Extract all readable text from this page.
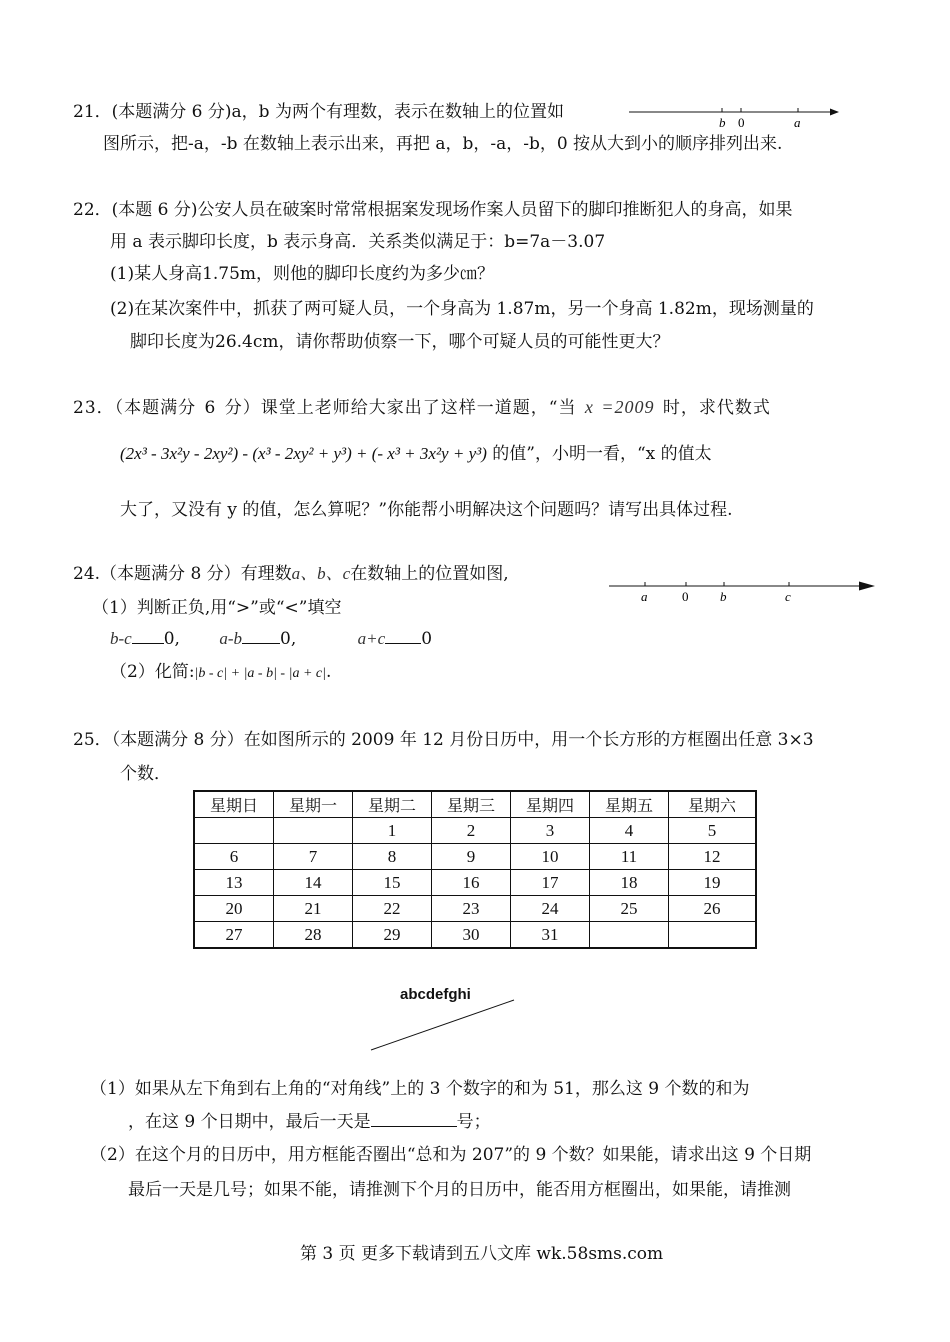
21．(本题满分 6 分)a，b 为两个有理数，表示在数轴上的位置如
b 0	a
图所示，把-a，-b 在数轴上表示出来，再把 a，b，-a，-b，0 按从大到小的顺序排列出来.
22．(本题 6 分)公安人员在破案时常常根据案发现场作案人员留下的脚印推断犯人的身高，如果
用 a 表示脚印长度，b 表示身高．关系类似满足于：b=7a－3.07
(1)某人身高1.75m，则他的脚印长度约为多少㎝？
(2)在某次案件中，抓获了两可疑人员，一个身高为 1.87m，另一个身高 1.82m，现场测量的
脚印长度为26.4cm，请你帮助侦察一下，哪个可疑人员的可能性更大？
23．（本题满分 6 分）课堂上老师给大家出了这样一道题，“当 x =2009 时，求代数式
(2x³ - 3x²y - 2xy²) - (x³ - 2xy² + y³) + (- x³ + 3x²y + y³) 的值”，小明一看，“x 的值太
大了，又没有 y 的值，怎么算呢？”你能帮小明解决这个问题吗？请写出具体过程.
24.（本题满分 8 分）有理数a、b、c在数轴上的位置如图,
a	0 b	c
（1）判断正负,用“>”或“<”填空
b-c 0, a-b 0,	a+c 0
（2）化简:|b - c| + |a - b| - |a + c|.
25．（本题满分 8 分）在如图所示的 2009 年 12 月份日历中，用一个长方形的方框圈出任意 3×3
个数．
星期日	星期一	星期二	星期三	星期四	星期五	星期六
		1	2	3	4	5
6	7	8	9	10	11	12
13	14	15	16	17	18	19
20	21	22	23	24	25	26
27	28	29	30	31		
abcdefghi
（1）如果从左下角到右上角的“对角线”上的 3 个数字的和为 51，那么这 9 个数的和为
，在这 9 个日期中，最后一天是	号；
（2）在这个月的日历中，用方框能否圈出“总和为 207”的 9 个数？如果能，请求出这 9 个日期
最后一天是几号；如果不能，请推测下个月的日历中，能否用方框圈出，如果能，请推测
第 3 页 更多下载请到五八文库 wk.58sms.com
